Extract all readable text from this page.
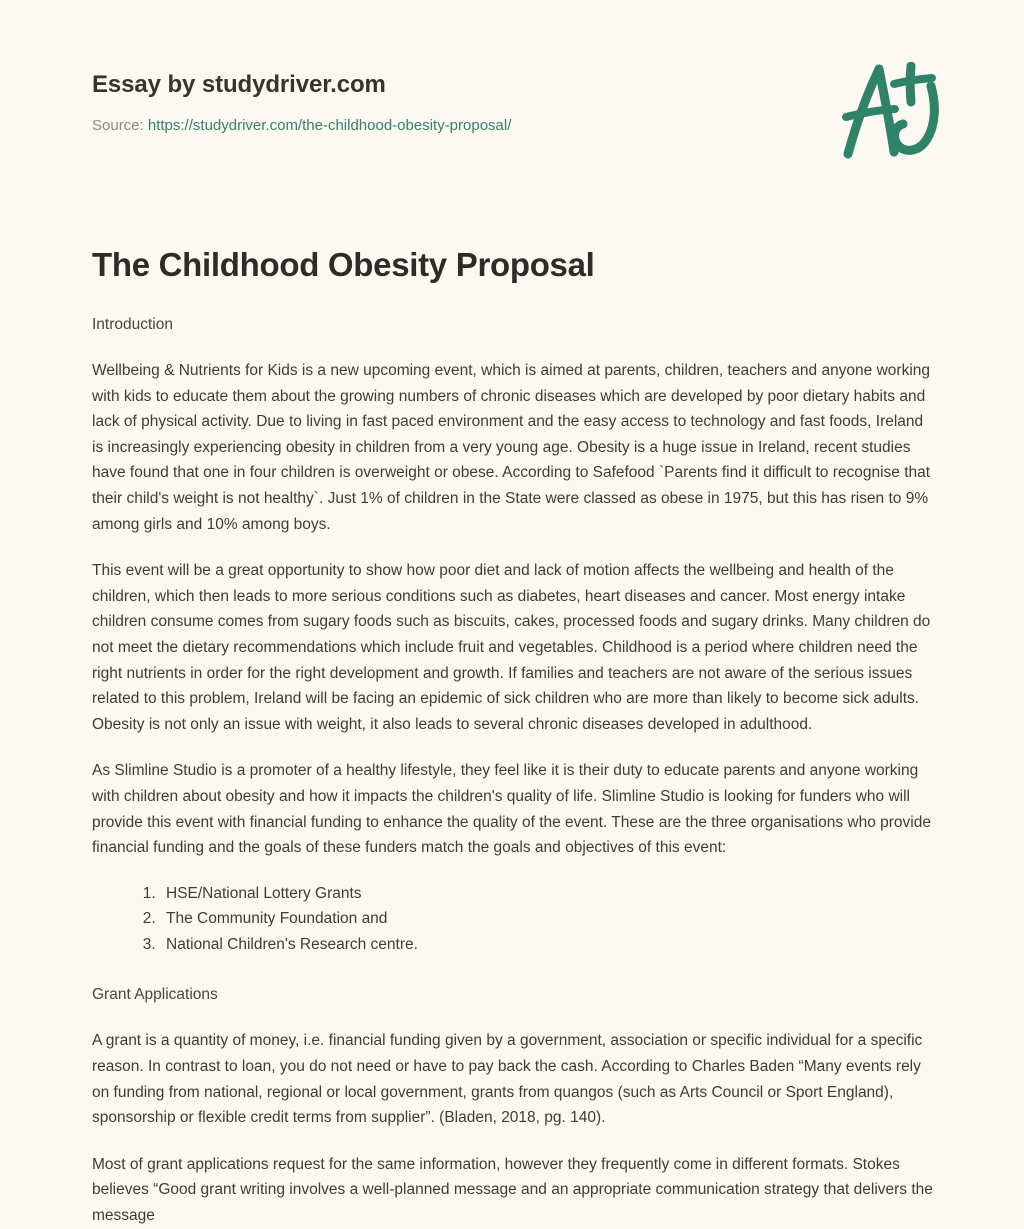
Essay by studydriver.com
Source: https://studydriver.com/the-childhood-obesity-proposal/
The Childhood Obesity Proposal

Introduction

Wellbeing & Nutrients for Kids is a new upcoming event, which is aimed at parents, children, teachers and anyone working with kids to educate them about the growing numbers of chronic diseases which are developed by poor dietary habits and lack of physical activity. Due to living in fast paced environment and the easy access to technology and fast foods, Ireland is increasingly experiencing obesity in children from a very young age. Obesity is a huge issue in Ireland, recent studies have found that one in four children is overweight or obese. According to Safefood `Parents find it difficult to recognise that their child's weight is not healthy`. Just 1% of children in the State were classed as obese in 1975, but this has risen to 9% among girls and 10% among boys.

This event will be a great opportunity to show how poor diet and lack of motion affects the wellbeing and health of the children, which then leads to more serious conditions such as diabetes, heart diseases and cancer. Most energy intake children consume comes from sugary foods such as biscuits, cakes, processed foods and sugary drinks. Many children do not meet the dietary recommendations which include fruit and vegetables. Childhood is a period where children need the right nutrients in order for the right development and growth. If families and teachers are not aware of the serious issues related to this problem, Ireland will be facing an epidemic of sick children who are more than likely to become sick adults. Obesity is not only an issue with weight, it also leads to several chronic diseases developed in adulthood.

As Slimline Studio is a promoter of a healthy lifestyle, they feel like it is their duty to educate parents and anyone working with children about obesity and how it impacts the children's quality of life. Slimline Studio is looking for funders who will provide this event with financial funding to enhance the quality of the event. These are the three organisations who provide financial funding and the goals of these funders match the goals and objectives of this event:

1. HSE/National Lottery Grants
2. The Community Foundation and
3. National Children's Research centre.

Grant Applications

A grant is a quantity of money, i.e. financial funding given by a government, association or specific individual for a specific reason. In contrast to loan, you do not need or have to pay back the cash. According to Charles Baden “Many events rely on funding from national, regional or local government, grants from quangos (such as Arts Council or Sport England), sponsorship or flexible credit terms from supplier”. (Bladen, 2018, pg. 140).

Most of grant applications request for the same information, however they frequently come in different formats. Stokes believes “Good grant writing involves a well-planned message and an appropriate communication strategy that delivers the message
